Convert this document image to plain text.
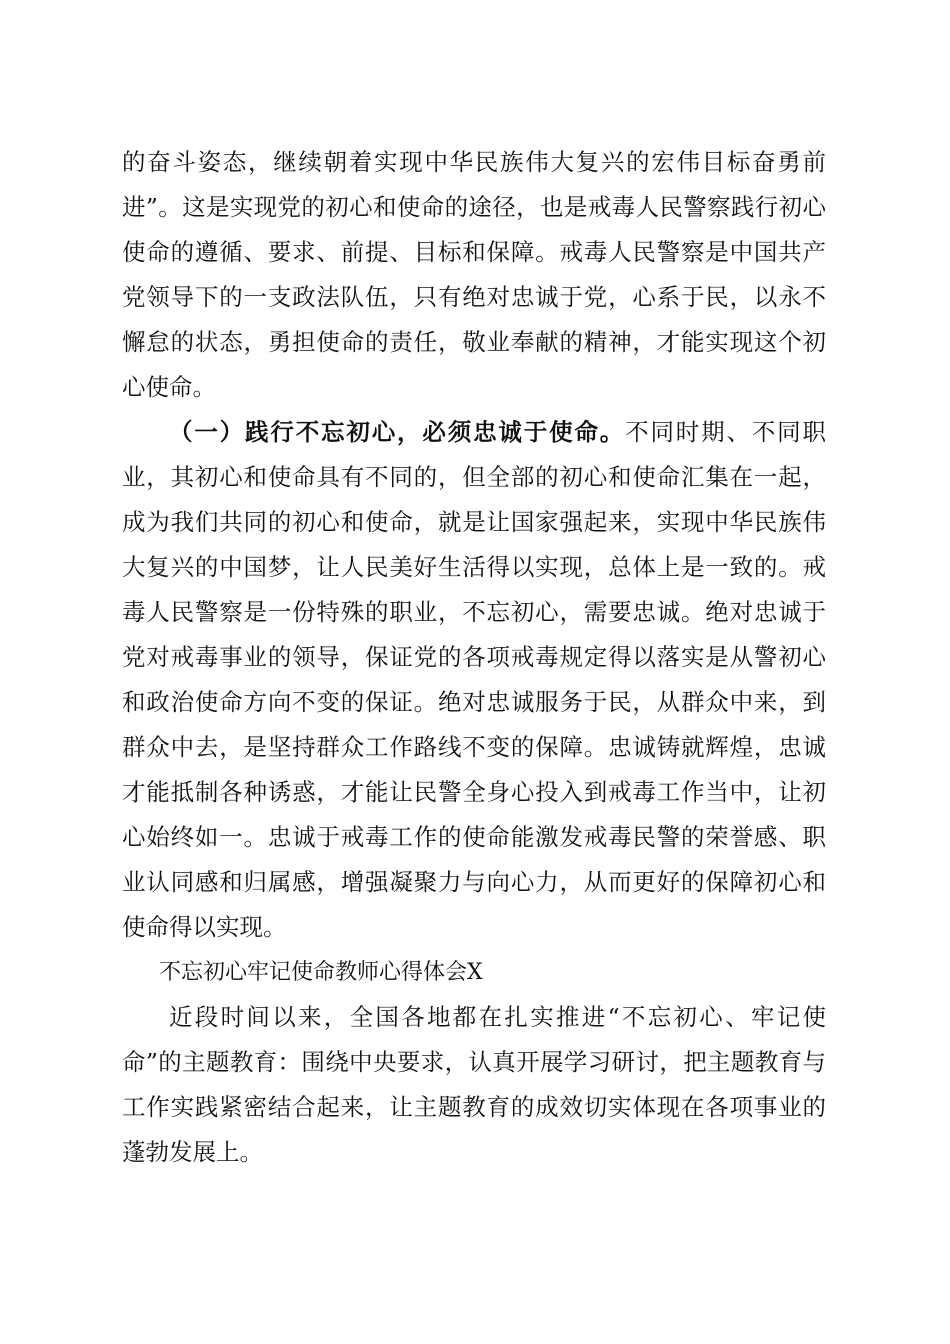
的奋斗姿态，继续朝着实现中华民族伟大复兴的宏伟目标奋勇前进”。这是实现党的初心和使命的途径，也是戒毒人民警察践行初心使命的遵循、要求、前提、目标和保障。戒毒人民警察是中国共产党领导下的一支政法队伍，只有绝对忠诚于党，心系于民，以永不懈怠的状态，勇担使命的责任，敬业奉献的精神，才能实现这个初心使命。

（一）践行不忘初心，必须忠诚于使命。不同时期、不同职业，其初心和使命具有不同的，但全部的初心和使命汇集在一起，成为我们共同的初心和使命，就是让国家强起来，实现中华民族伟大复兴的中国梦，让人民美好生活得以实现，总体上是一致的。戒毒人民警察是一份特殊的职业，不忘初心，需要忠诚。绝对忠诚于党对戒毒事业的领导，保证党的各项戒毒规定得以落实是从警初心和政治使命方向不变的保证。绝对忠诚服务于民，从群众中来，到群众中去，是坚持群众工作路线不变的保障。忠诚铸就辉煌，忠诚才能抵制各种诱惑，才能让民警全身心投入到戒毒工作当中，让初心始终如一。忠诚于戒毒工作的使命能激发戒毒民警的荣誉感、职业认同感和归属感，增强凝聚力与向心力，从而更好的保障初心和使命得以实现。

不忘初心牢记使命教师心得体会X

近段时间以来，全国各地都在扎实推进“不忘初心、牢记使命”的主题教育：围绕中央要求，认真开展学习研讨，把主题教育与工作实践紧密结合起来，让主题教育的成效切实体现在各项事业的蓬勃发展上。
